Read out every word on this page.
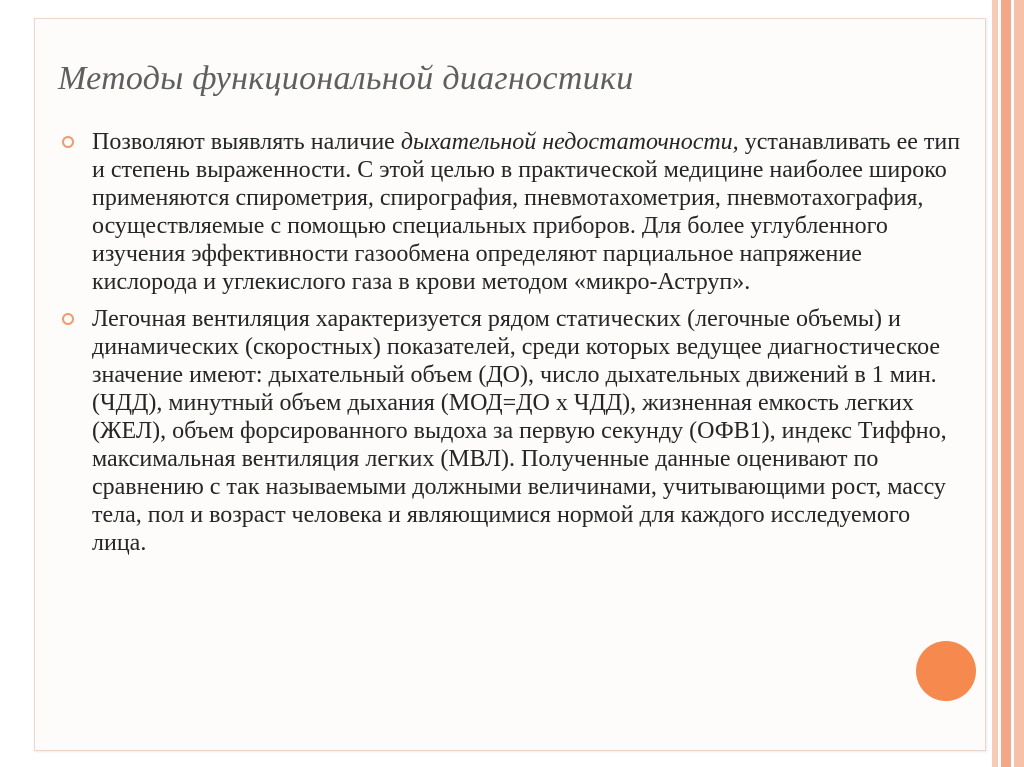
Методы функциональной диагностики
Позволяют выявлять наличие дыхательной недостаточности, устанавливать ее тип и степень выраженности. С этой целью в практической медицине наиболее широко применяются спирометрия, спирография, пневмотахометрия, пневмотахография, осуществляемые с помощью специальных приборов. Для более углубленного изучения эффективности газообмена определяют парциальное напряжение кислорода и углекислого газа в крови методом «микро-Аструп».
Легочная вентиляция характеризуется рядом статических (легочные объемы) и динамических (скоростных) показателей, среди которых ведущее диагностическое значение имеют: дыхательный объем (ДО), число дыхательных движений в 1 мин. (ЧДД), минутный объем дыхания (МОД=ДО х ЧДД), жизненная емкость легких (ЖЕЛ), объем форсированного выдоха за первую секунду (ОФВ1), индекс Тиффно, максимальная вентиляция легких (МВЛ). Полученные данные оценивают по сравнению с так называемыми должными величинами, учитывающими рост, массу тела, пол и возраст человека и являющимися нормой для каждого исследуемого лица.
